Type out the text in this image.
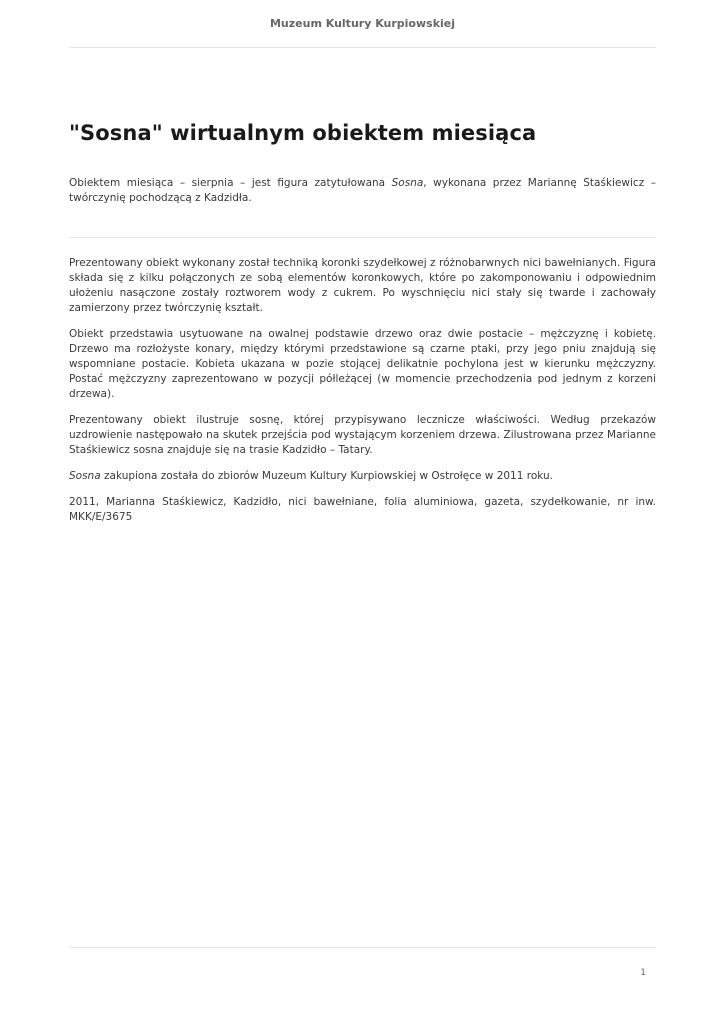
Muzeum Kultury Kurpiowskiej
"Sosna" wirtualnym obiektem miesiąca

Obiektem miesiąca – sierpnia – jest figura zatytułowana Sosna, wykonana przez Mariannę Staśkiewicz – twórczynię pochodzącą z Kadzidła.

Prezentowany obiekt wykonany został techniką koronki szydełkowej z różnobarwnych nici bawełnianych. Figura składa się z kilku połączonych ze sobą elementów koronkowych, które po zakomponowaniu i odpowiednim ułożeniu nasączone zostały roztworem wody z cukrem. Po wyschnięciu nici stały się twarde i zachowały zamierzony przez twórczynię kształt.

Obiekt przedstawia usytuowane na owalnej podstawie drzewo oraz dwie postacie – mężczyznę i kobietę. Drzewo ma rozłożyste konary, między którymi przedstawione są czarne ptaki, przy jego pniu znajdują się wspomniane postacie. Kobieta ukazana w pozie stojącej delikatnie pochylona jest w kierunku mężczyzny. Postać mężczyzny zaprezentowano w pozycji półleżącej (w momencie przechodzenia pod jednym z korzeni drzewa).

Prezentowany obiekt ilustruje sosnę, której przypisywano lecznicze właściwości. Według przekazów uzdrowienie następowało na skutek przejścia pod wystającym korzeniem drzewa. Zilustrowana przez Marianne Staśkiewicz sosna znajduje się na trasie Kadzidło – Tatary.

Sosna zakupiona została do zbiorów Muzeum Kultury Kurpiowskiej w Ostrołęce w 2011 roku.

2011, Marianna Staśkiewicz, Kadzidło, nici bawełniane, folia aluminiowa, gazeta, szydełkowanie, nr inw. MKK/E/3675

1
